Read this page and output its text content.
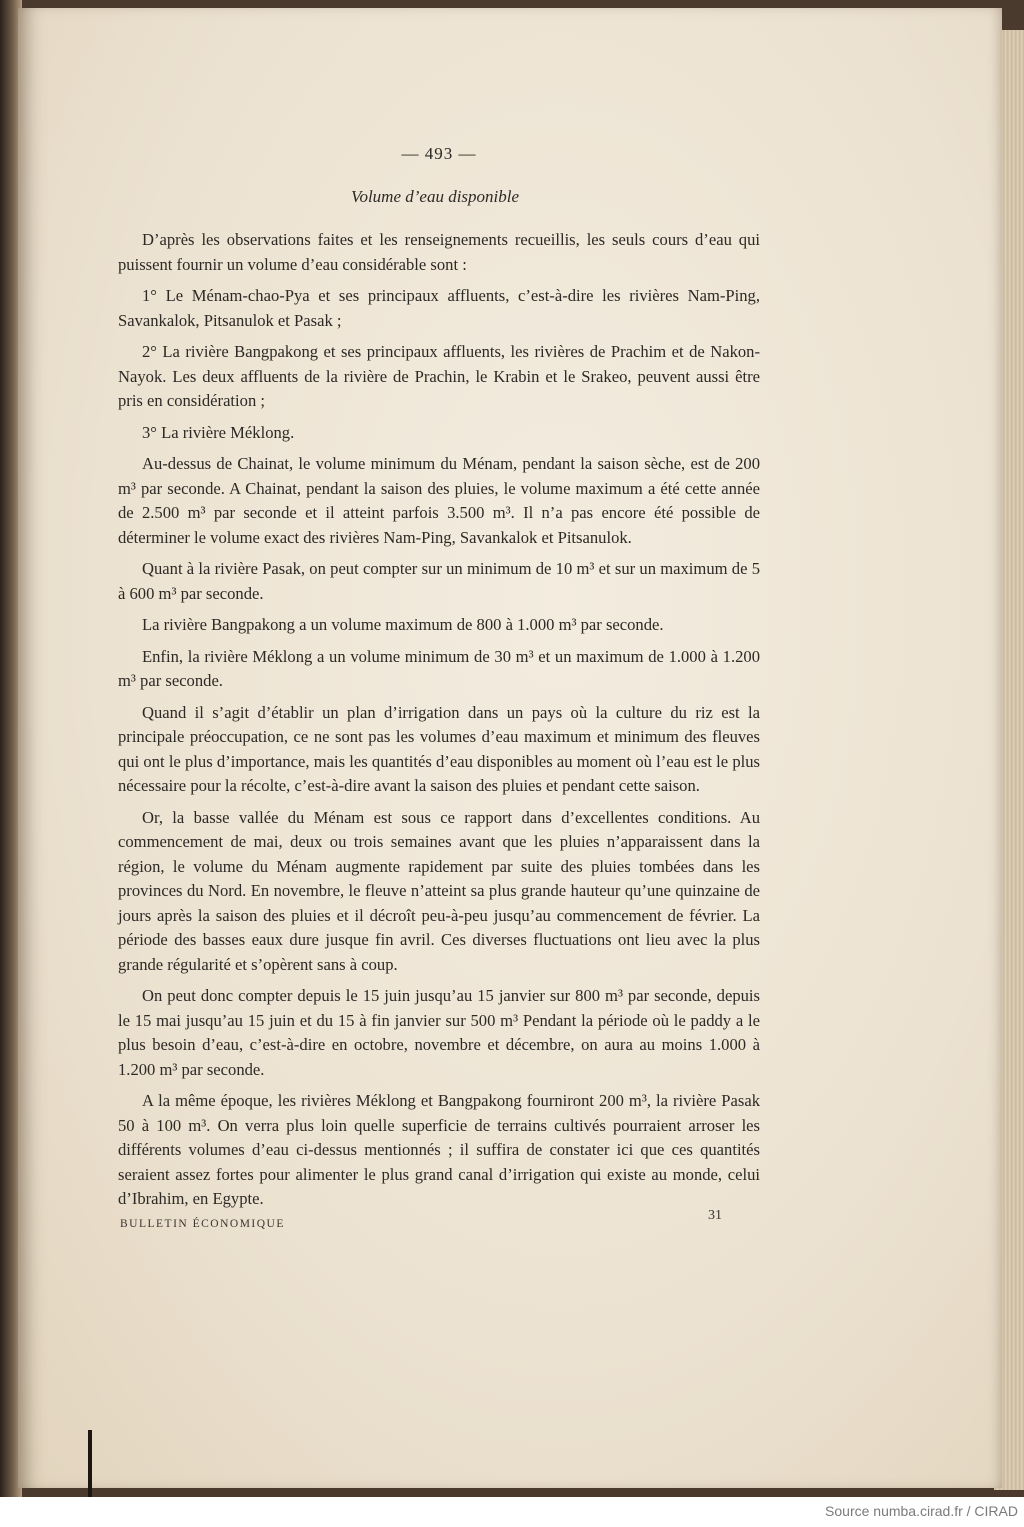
— 493 —
Volume d’eau disponible

D’après les observations faites et les renseignements recueillis, les seuls cours d’eau qui puissent fournir un volume d’eau considérable sont :

1° Le Ménam-chao-Pya et ses principaux affluents, c’est-à-dire les rivières Nam-Ping, Savankalok, Pitsanulok et Pasak ;

2° La rivière Bangpakong et ses principaux affluents, les rivières de Prachim et de Nakon-Nayok. Les deux affluents de la rivière de Prachin, le Krabin et le Srakeo, peuvent aussi être pris en considération ;

3° La rivière Méklong.

Au-dessus de Chainat, le volume minimum du Ménam, pendant la saison sèche, est de 200 m³ par seconde. A Chainat, pendant la saison des pluies, le volume maximum a été cette année de 2.500 m³ par seconde et il atteint parfois 3.500 m³. Il n’a pas encore été possible de déterminer le volume exact des rivières Nam-Ping, Savankalok et Pitsanulok.

Quant à la rivière Pasak, on peut compter sur un minimum de 10 m³ et sur un maximum de 5 à 600 m³ par seconde.

La rivière Bangpakong a un volume maximum de 800 à 1.000 m³ par seconde.

Enfin, la rivière Méklong a un volume minimum de 30 m³ et un maximum de 1.000 à 1.200 m³ par seconde.

Quand il s’agit d’établir un plan d’irrigation dans un pays où la culture du riz est la principale préoccupation, ce ne sont pas les volumes d’eau maximum et minimum des fleuves qui ont le plus d’importance, mais les quantités d’eau disponibles au moment où l’eau est le plus nécessaire pour la récolte, c’est-à-dire avant la saison des pluies et pendant cette saison.

Or, la basse vallée du Ménam est sous ce rapport dans d’excellentes conditions. Au commencement de mai, deux ou trois semaines avant que les pluies n’apparaissent dans la région, le volume du Ménam augmente rapidement par suite des pluies tombées dans les provinces du Nord. En novembre, le fleuve n’atteint sa plus grande hauteur qu’une quinzaine de jours après la saison des pluies et il décroît peu-à-peu jusqu’au commencement de février. La période des basses eaux dure jusque fin avril. Ces diverses fluctuations ont lieu avec la plus grande régularité et s’opèrent sans à coup.

On peut donc compter depuis le 15 juin jusqu’au 15 janvier sur 800 m³ par seconde, depuis le 15 mai jusqu’au 15 juin et du 15 à fin janvier sur 500 m³ Pendant la période où le paddy a le plus besoin d’eau, c’est-à-dire en octobre, novembre et décembre, on aura au moins 1.000 à 1.200 m³ par seconde.

A la même époque, les rivières Méklong et Bangpakong fourniront 200 m³, la rivière Pasak 50 à 100 m³. On verra plus loin quelle superficie de terrains cultivés pourraient arroser les différents volumes d’eau ci-dessus mentionnés ; il suffira de constater ici que ces quantités seraient assez fortes pour alimenter le plus grand canal d’irrigation qui existe au monde, celui d’Ibrahim, en Egypte.

BULLETIN ÉCONOMIQUE
31
Source numba.cirad.fr / CIRAD
